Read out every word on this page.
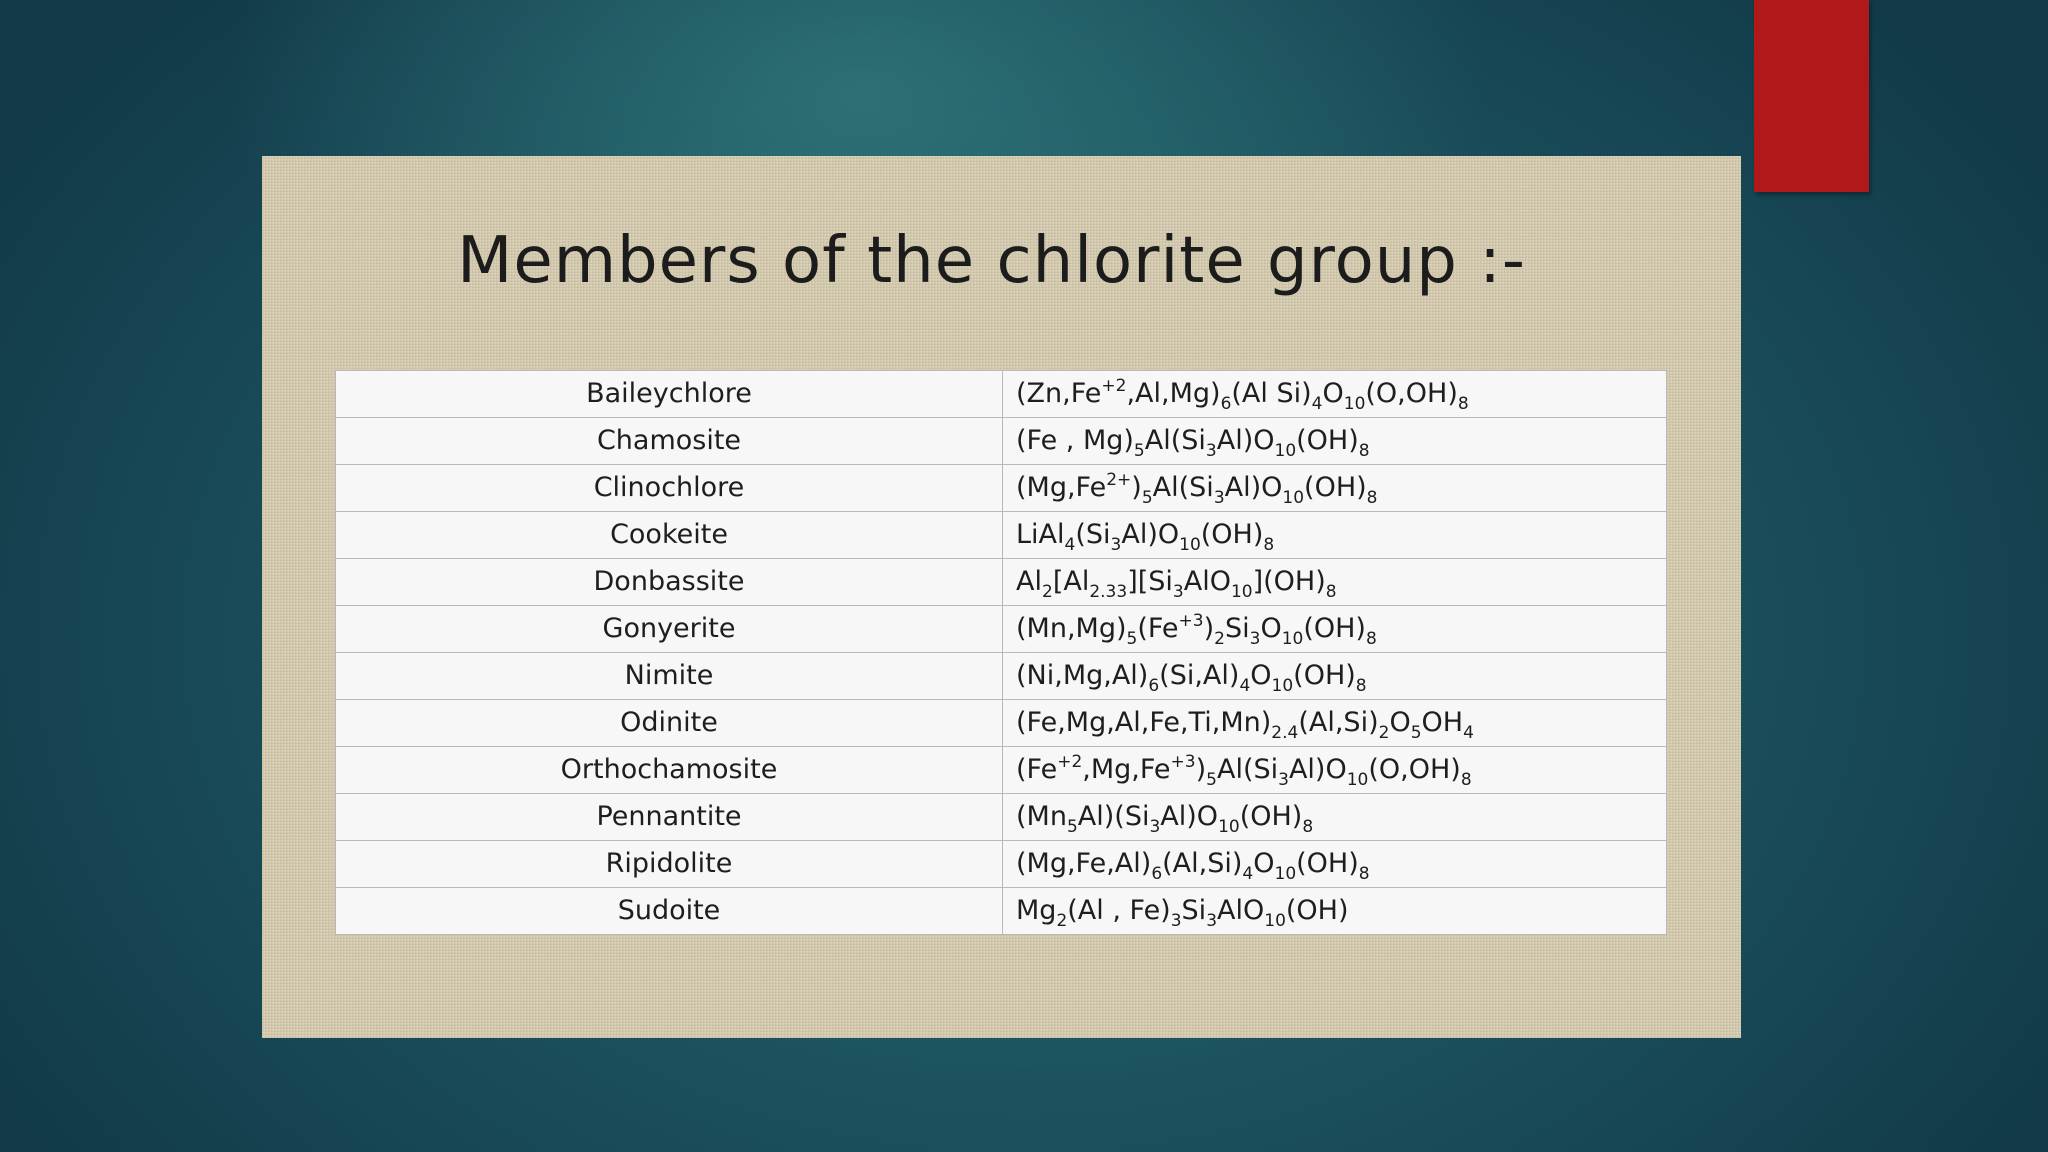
Members of the chlorite group :-
Baileychlore	$(Zn,Fe^{+2},Al,Mg)_6(Al$ $Si)_4O_{10}(O,OH)_8$
Chamosite	(Fe , $Mg)_5Al(Si_3Al)O_{10}(OH)_8$
Clinochlore	$(Mg,Fe^{2+})_5Al(Si_3Al)O_{10}(OH)_8$
Cookeite	$LiAl_4(Si_3Al)O_{10}(OH)_8$
Donbassite	$Al_2[Al_{2.33}][Si_3AlO_{10}](OH)_8$
Gonyerite	$(Mn,Mg)_5(Fe^{+3})_2Si_3O_{10}(OH)_8$
Nimite	$(Ni,Mg,Al)_6(Si,Al)_4O_{10}(OH)_8$
Odinite	$(Fe,Mg,Al,Fe,Ti,Mn)_{2.4}(Al,Si)_2O_5OH_4$
Orthochamosite	$(Fe^{+2},Mg,Fe^{+3})_5Al(Si_3Al)O_{10}(O,OH)_8$
Pennantite	$(Mn_5Al)(Si_3Al)O_{10}(OH)_8$
Ripidolite	$(Mg,Fe,Al)_6(Al,Si)_4O_{10}(OH)_8$
Sudoite	$Mg_2(Al$ , $Fe)_3Si_3AlO_{10}(OH)$
